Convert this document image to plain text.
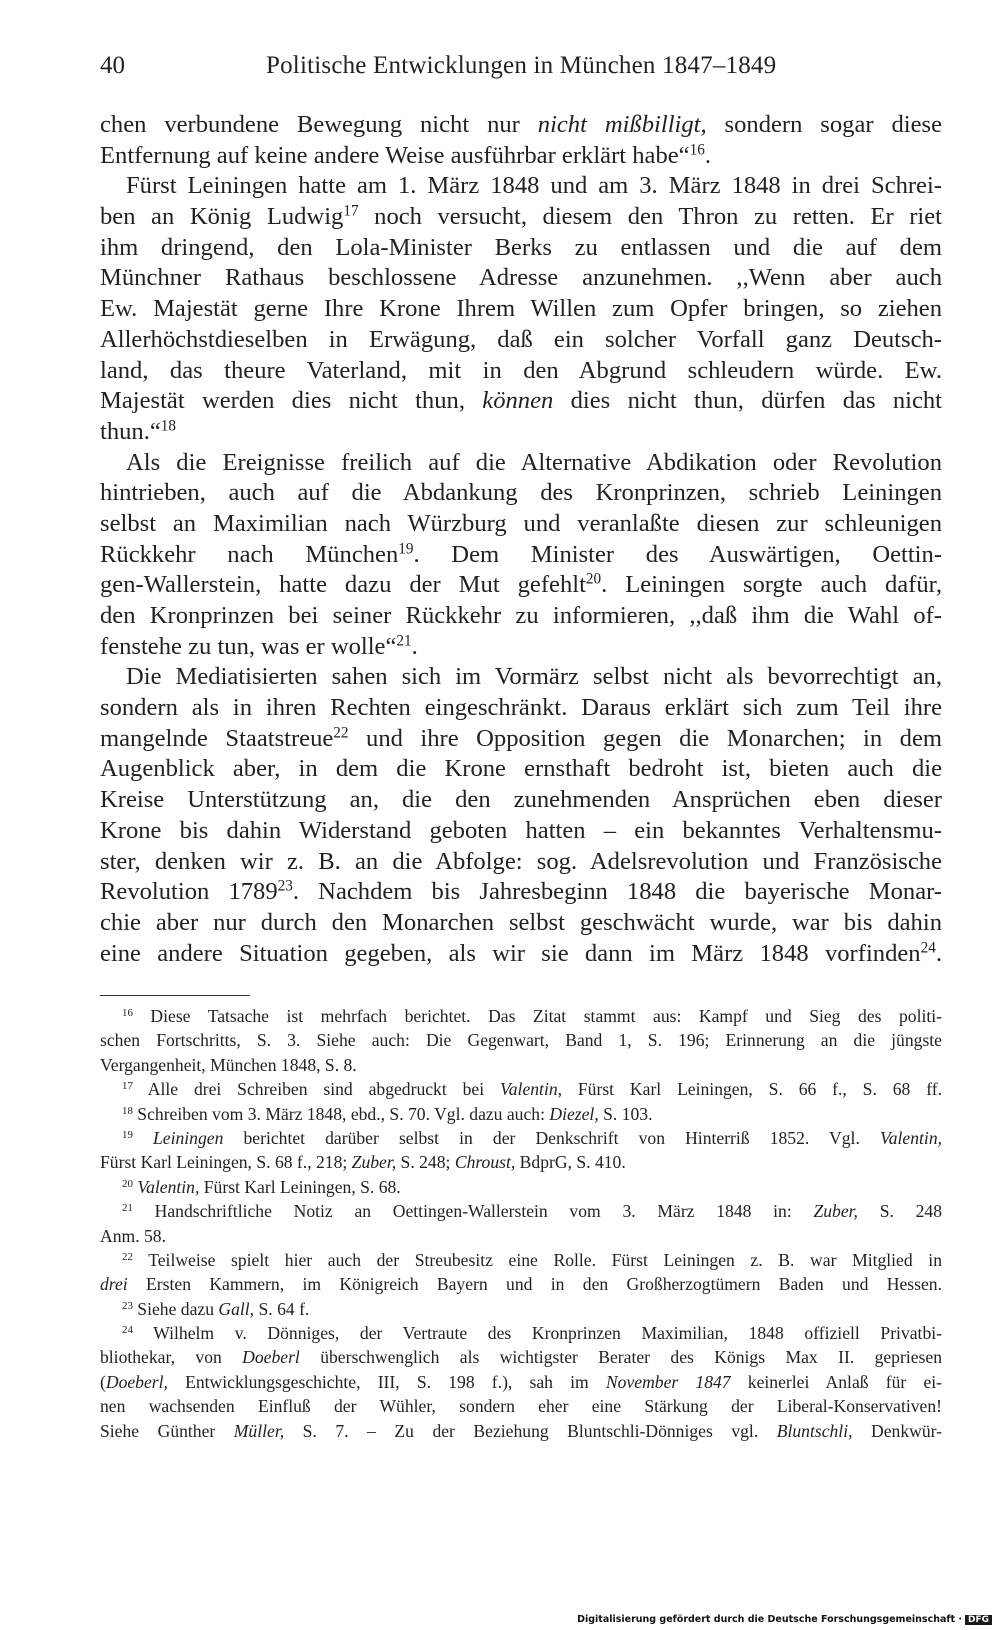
40	Politische Entwicklungen in München 1847–1849
chen verbundene Bewegung nicht nur nicht mißbilligt, sondern sogar diese
Entfernung auf keine andere Weise ausführbar erklärt habe“$^{16}$.
Fürst Leiningen hatte am 1. März 1848 und am 3. März 1848 in drei Schrei-
ben an König Ludwig$^{17}$ noch versucht, diesem den Thron zu retten. Er riet
ihm dringend, den Lola-Minister Berks zu entlassen und die auf dem
Münchner Rathaus beschlossene Adresse anzunehmen. ,,Wenn aber auch
Ew. Majestät gerne Ihre Krone Ihrem Willen zum Opfer bringen, so ziehen
Allerhöchstdieselben in Erwägung, daß ein solcher Vorfall ganz Deutsch-
land, das theure Vaterland, mit in den Abgrund schleudern würde. Ew.
Majestät werden dies nicht thun, können dies nicht thun, dürfen das nicht
thun.“$^{18}$
Als die Ereignisse freilich auf die Alternative Abdikation oder Revolution
hintrieben, auch auf die Abdankung des Kronprinzen, schrieb Leiningen
selbst an Maximilian nach Würzburg und veranlaßte diesen zur schleunigen
Rückkehr nach München$^{19}$. Dem Minister des Auswärtigen, Oettin-
gen-Wallerstein, hatte dazu der Mut gefehlt$^{20}$. Leiningen sorgte auch dafür,
den Kronprinzen bei seiner Rückkehr zu informieren, ,,daß ihm die Wahl of-
fenstehe zu tun, was er wolle“$^{21}$.
Die Mediatisierten sahen sich im Vormärz selbst nicht als bevorrechtigt an,
sondern als in ihren Rechten eingeschränkt. Daraus erklärt sich zum Teil ihre
mangelnde Staatstreue$^{22}$ und ihre Opposition gegen die Monarchen; in dem
Augenblick aber, in dem die Krone ernsthaft bedroht ist, bieten auch die
Kreise Unterstützung an, die den zunehmenden Ansprüchen eben dieser
Krone bis dahin Widerstand geboten hatten – ein bekanntes Verhaltensmu-
ster, denken wir z. B. an die Abfolge: sog. Adelsrevolution und Französische
Revolution 1789$^{23}$. Nachdem bis Jahresbeginn 1848 die bayerische Monar-
chie aber nur durch den Monarchen selbst geschwächt wurde, war bis dahin
eine andere Situation gegeben, als wir sie dann im März 1848 vorfinden$^{24}$.
$^{16}$ Diese Tatsache ist mehrfach berichtet. Das Zitat stammt aus: Kampf und Sieg des politi-
schen Fortschritts, S. 3. Siehe auch: Die Gegenwart, Band 1, S. 196; Erinnerung an die jüngste
Vergangenheit, München 1848, S. 8.
$^{17}$ Alle drei Schreiben sind abgedruckt bei Valentin, Fürst Karl Leiningen, S. 66 f., S. 68 ff.
$^{18}$ Schreiben vom 3. März 1848, ebd., S. 70. Vgl. dazu auch: Diezel, S. 103.
$^{19}$ Leiningen berichtet darüber selbst in der Denkschrift von Hinterriß 1852. Vgl. Valentin,
Fürst Karl Leiningen, S. 68 f., 218; Zuber, S. 248; Chroust, BdprG, S. 410.
$^{20}$ Valentin, Fürst Karl Leiningen, S. 68.
$^{21}$ Handschriftliche Notiz an Oettingen-Wallerstein vom 3. März 1848 in: Zuber, S. 248
Anm. 58.
$^{22}$ Teilweise spielt hier auch der Streubesitz eine Rolle. Fürst Leiningen z. B. war Mitglied in
drei Ersten Kammern, im Königreich Bayern und in den Großherzogtümern Baden und Hessen.
$^{23}$ Siehe dazu Gall, S. 64 f.
$^{24}$ Wilhelm v. Dönniges, der Vertraute des Kronprinzen Maximilian, 1848 offiziell Privatbi-
bliothekar, von Doeberl überschwenglich als wichtigster Berater des Königs Max II. gepriesen
(Doeberl, Entwicklungsgeschichte, III, S. 198 f.), sah im November 1847 keinerlei Anlaß für ei-
nen wachsenden Einfluß der Wühler, sondern eher eine Stärkung der Liberal-Konservativen!
Siehe Günther Müller, S. 7. – Zu der Beziehung Bluntschli-Dönniges vgl. Bluntschli, Denkwür-
Digitalisierung gefördert durch die Deutsche Forschungsgemeinschaft · DFG
